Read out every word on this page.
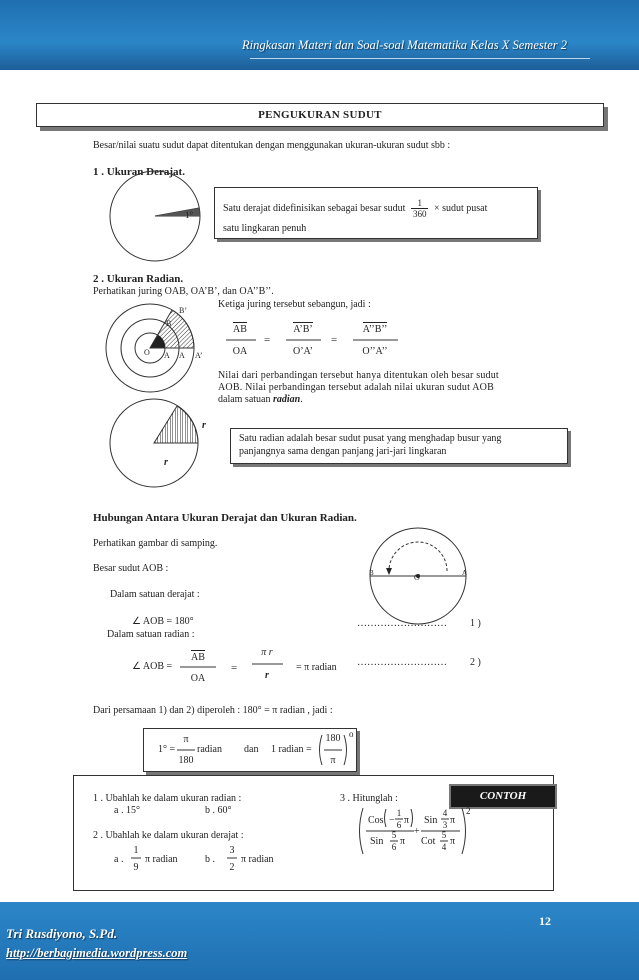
Ringkasan Materi dan Soal-soal Matematika Kelas X Semester 2
PENGUKURAN SUDUT
Besar/nilai suatu sudut dapat ditentukan dengan menggunakan ukuran-ukuran sudut sbb :
1 . Ukuran Derajat.
1°
Satu derajat didefinisikan sebagai besar sudut $\frac{1}{360}$ × sudut pusat
satu lingkaran penuh
2 . Ukuran Radian.
Perhatikan juring OAB, OA’B’, dan OA’’B’’.
O A A A’
B
B’
Ketiga juring tersebut sebangun, jadi :
AB
OA
=
A’B’
O’A’
=
A’’B’’
O’’A’’
Nilai dari perbandingan tersebut hanya ditentukan oleh besar sudut
AOB. Nilai perbandingan tersebut adalah nilai ukuran sudut AOB
dalam satuan radian.
r
r
Satu radian adalah besar sudut pusat yang menghadap busur yang
panjangnya sama dengan panjang jari-jari lingkaran
Hubungan Antara Ukuran Derajat dan Ukuran Radian.
Perhatikan gambar di samping.
Besar sudut AOB :	B	O	A
Dalam satuan derajat :
∠ AOB = 180°	……………………… 1 )
Dalam satuan radian :
∠ AOB =
AB
OA
=
π r
r
= π radian ……………………… 2 )
Dari persamaan 1) dan 2) diperoleh : 180° = π radian , jadi :
1° =
π
180
radian dan 1 radian =
180
π
o
CONTOH
1 . Ubahlah ke dalam ukuran radian :
a . 15°	b . 60°
2 . Ubahlah ke dalam ukuran derajat :
a .
1
9
π radian	b .
3
2
π radian
3 . Hitunglah :
Cos −
1
6 π Sin
4
3 π
Sin
5
6 π Cot
5
4 π
+
2
12
Tri Rusdiyono, S.Pd.
http://berbagimedia.wordpress.com
